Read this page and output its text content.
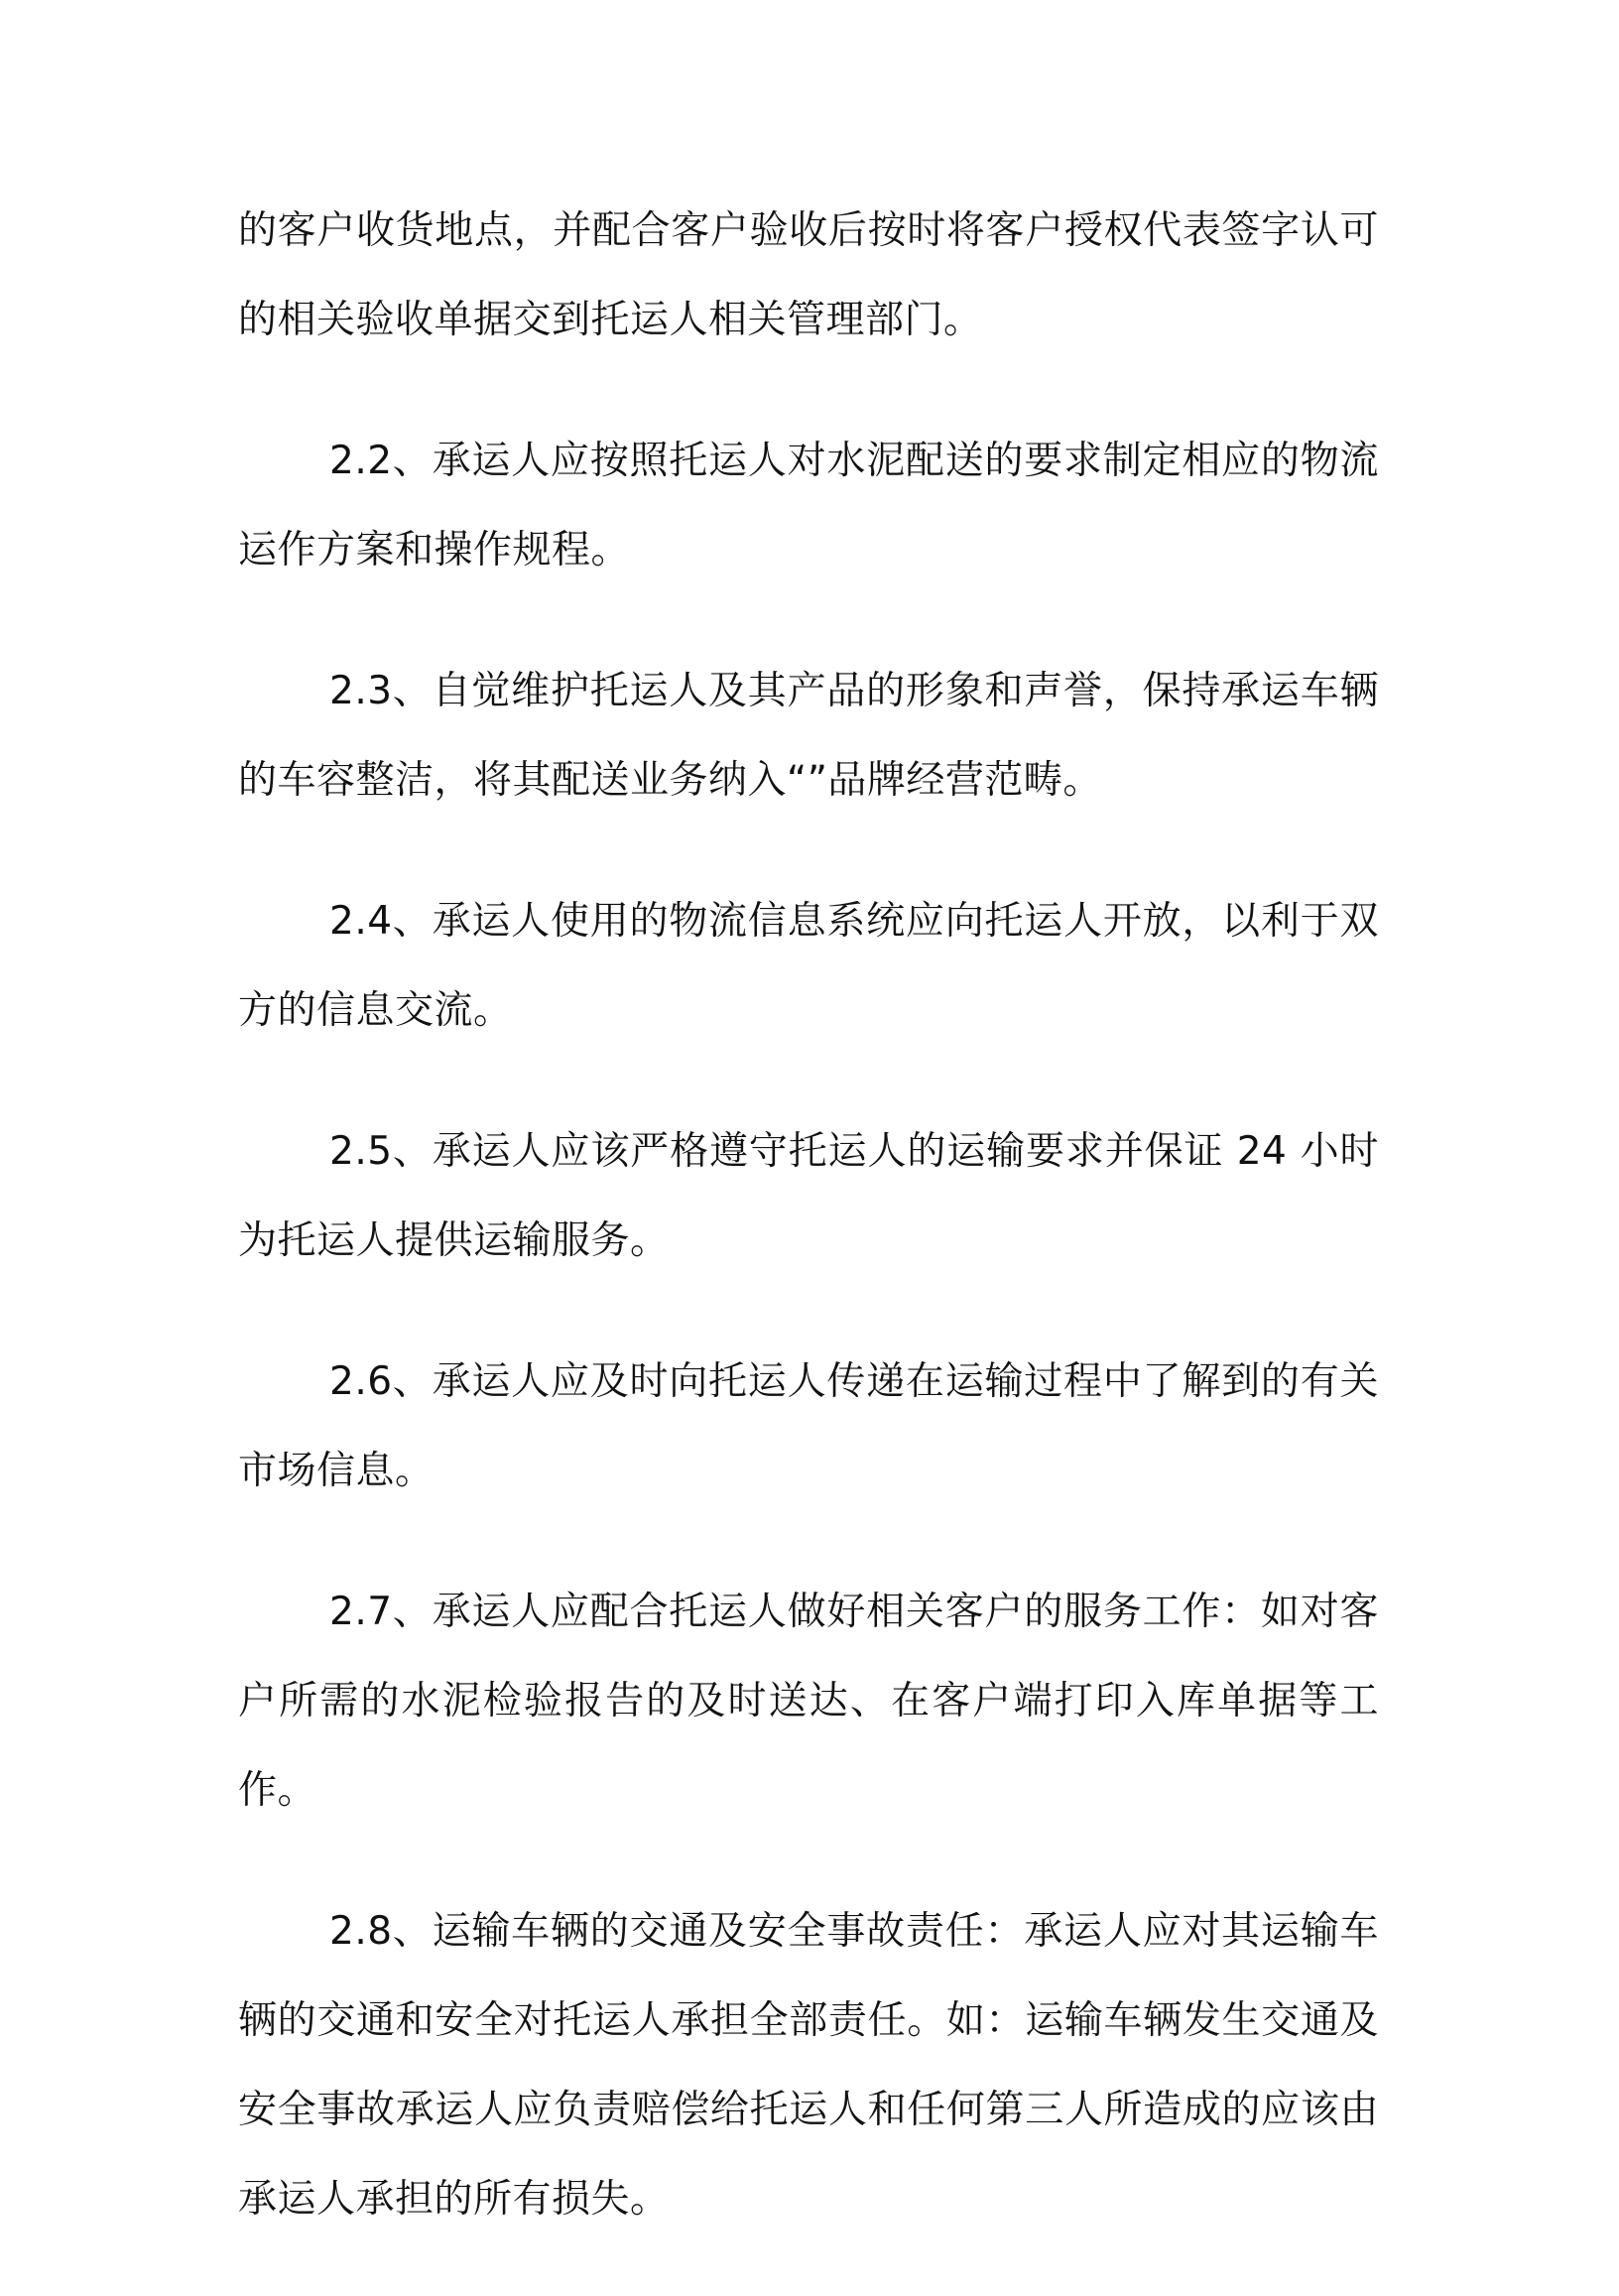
的客户收货地点，并配合客户验收后按时将客户授权代表签字认可的相关验收单据交到托运人相关管理部门。

2.2、承运人应按照托运人对水泥配送的要求制定相应的物流运作方案和操作规程。

2.3、自觉维护托运人及其产品的形象和声誉，保持承运车辆的车容整洁，将其配送业务纳入“”品牌经营范畴。

2.4、承运人使用的物流信息系统应向托运人开放，以利于双方的信息交流。

2.5、承运人应该严格遵守托运人的运输要求并保证 24 小时为托运人提供运输服务。

2.6、承运人应及时向托运人传递在运输过程中了解到的有关市场信息。

2.7、承运人应配合托运人做好相关客户的服务工作：如对客户所需的水泥检验报告的及时送达、在客户端打印入库单据等工作。

2.8、运输车辆的交通及安全事故责任：承运人应对其运输车辆的交通和安全对托运人承担全部责任。如：运输车辆发生交通及安全事故承运人应负责赔偿给托运人和任何第三人所造成的应该由承运人承担的所有损失。
